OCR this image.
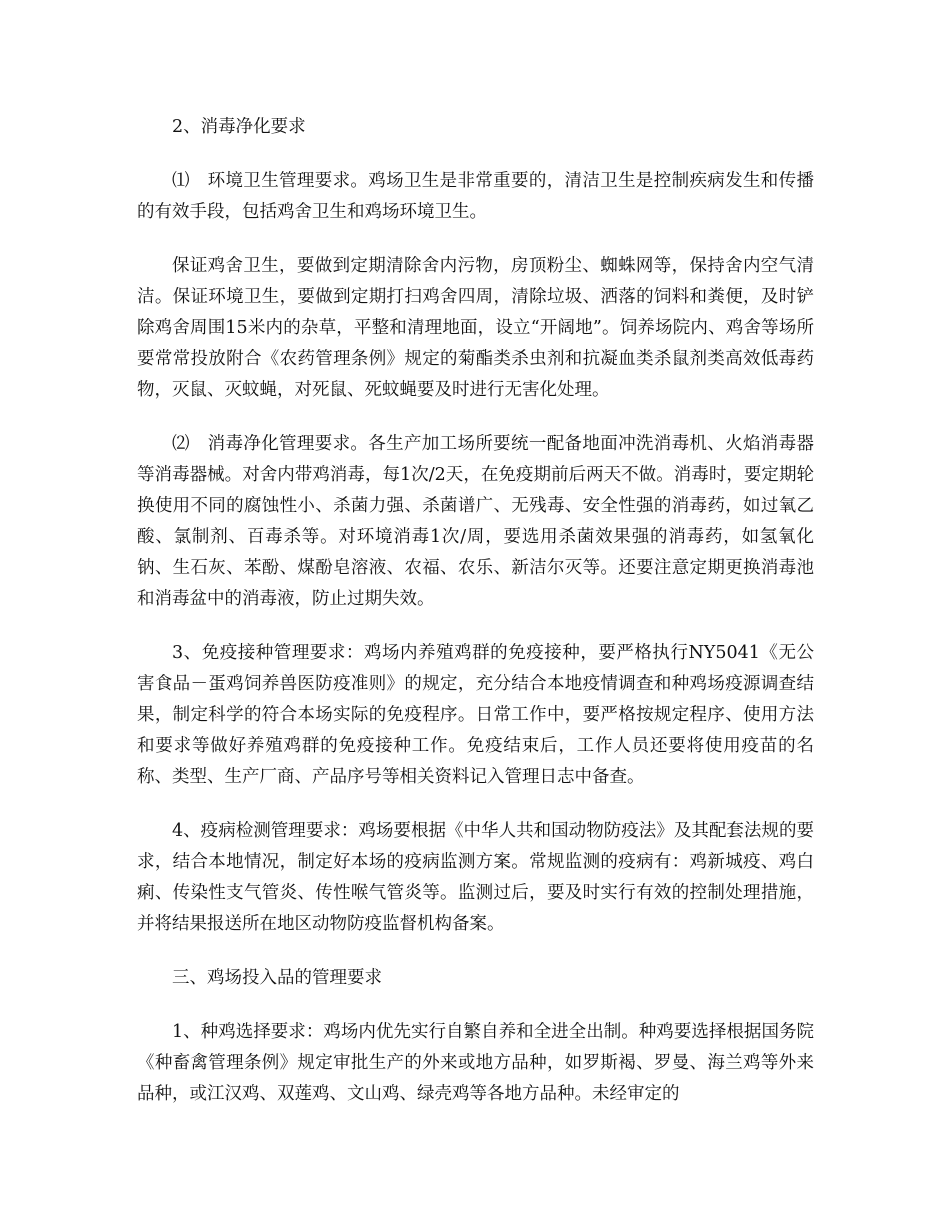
2、消毒净化要求

⑴　环境卫生管理要求。鸡场卫生是非常重要的，清洁卫生是控制疾病发生和传播的有效手段，包括鸡舍卫生和鸡场环境卫生。

保证鸡舍卫生，要做到定期清除舍内污物，房顶粉尘、蜘蛛网等，保持舍内空气清洁。保证环境卫生，要做到定期打扫鸡舍四周，清除垃圾、洒落的饲料和粪便，及时铲除鸡舍周围15米内的杂草，平整和清理地面，设立“开阔地”。饲养场院内、鸡舍等场所要常常投放附合《农药管理条例》规定的菊酯类杀虫剂和抗凝血类杀鼠剂类高效低毒药物，灭鼠、灭蚊蝇，对死鼠、死蚊蝇要及时进行无害化处理。

⑵　消毒净化管理要求。各生产加工场所要统一配备地面冲洗消毒机、火焰消毒器等消毒器械。对舍内带鸡消毒，每1次/2天，在免疫期前后两天不做。消毒时，要定期轮换使用不同的腐蚀性小、杀菌力强、杀菌谱广、无残毒、安全性强的消毒药，如过氧乙酸、氯制剂、百毒杀等。对环境消毒1次/周，要选用杀菌效果强的消毒药，如氢氧化钠、生石灰、苯酚、煤酚皂溶液、农福、农乐、新洁尔灭等。还要注意定期更换消毒池和消毒盆中的消毒液，防止过期失效。

3、免疫接种管理要求：鸡场内养殖鸡群的免疫接种，要严格执行NY5041《无公害食品－蛋鸡饲养兽医防疫准则》的规定，充分结合本地疫情调查和种鸡场疫源调查结果，制定科学的符合本场实际的免疫程序。日常工作中，要严格按规定程序、使用方法和要求等做好养殖鸡群的免疫接种工作。免疫结束后，工作人员还要将使用疫苗的名称、类型、生产厂商、产品序号等相关资料记入管理日志中备查。

4、疫病检测管理要求：鸡场要根据《中华人共和国动物防疫法》及其配套法规的要求，结合本地情况，制定好本场的疫病监测方案。常规监测的疫病有：鸡新城疫、鸡白痢、传染性支气管炎、传性喉气管炎等。监测过后，要及时实行有效的控制处理措施，并将结果报送所在地区动物防疫监督机构备案。

三、鸡场投入品的管理要求

1、种鸡选择要求：鸡场内优先实行自繁自养和全进全出制。种鸡要选择根据国务院《种畜禽管理条例》规定审批生产的外来或地方品种，如罗斯褐、罗曼、海兰鸡等外来品种，或江汉鸡、双莲鸡、文山鸡、绿壳鸡等各地方品种。未经审定的
